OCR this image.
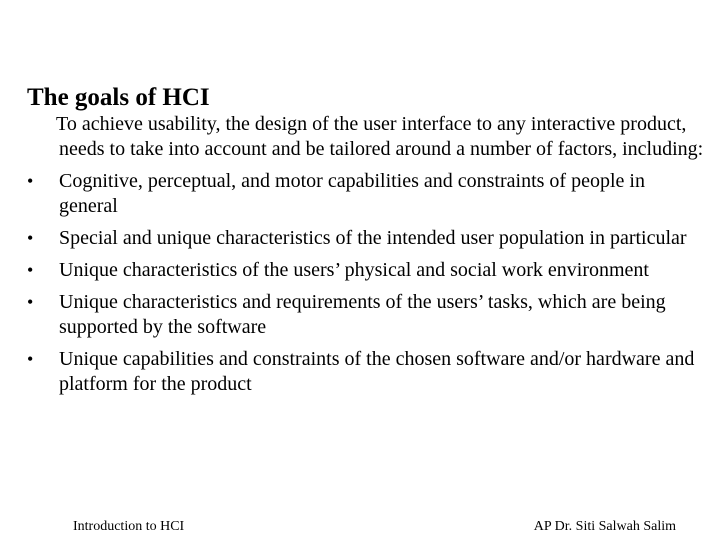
The goals of HCI

To achieve usability, the design of the user interface to any interactive product, needs to take into account and be tailored around a number of factors, including:

•	Cognitive, perceptual, and motor capabilities and constraints of people in general
•	Special and unique characteristics of the intended user population in particular
•	Unique characteristics of the users’ physical and social work environment
•	Unique characteristics and requirements of the users’ tasks, which are being supported by the software
•	Unique capabilities and constraints of the chosen software and/or hardware and platform for the product
Introduction to HCI	AP Dr. Siti Salwah Salim
